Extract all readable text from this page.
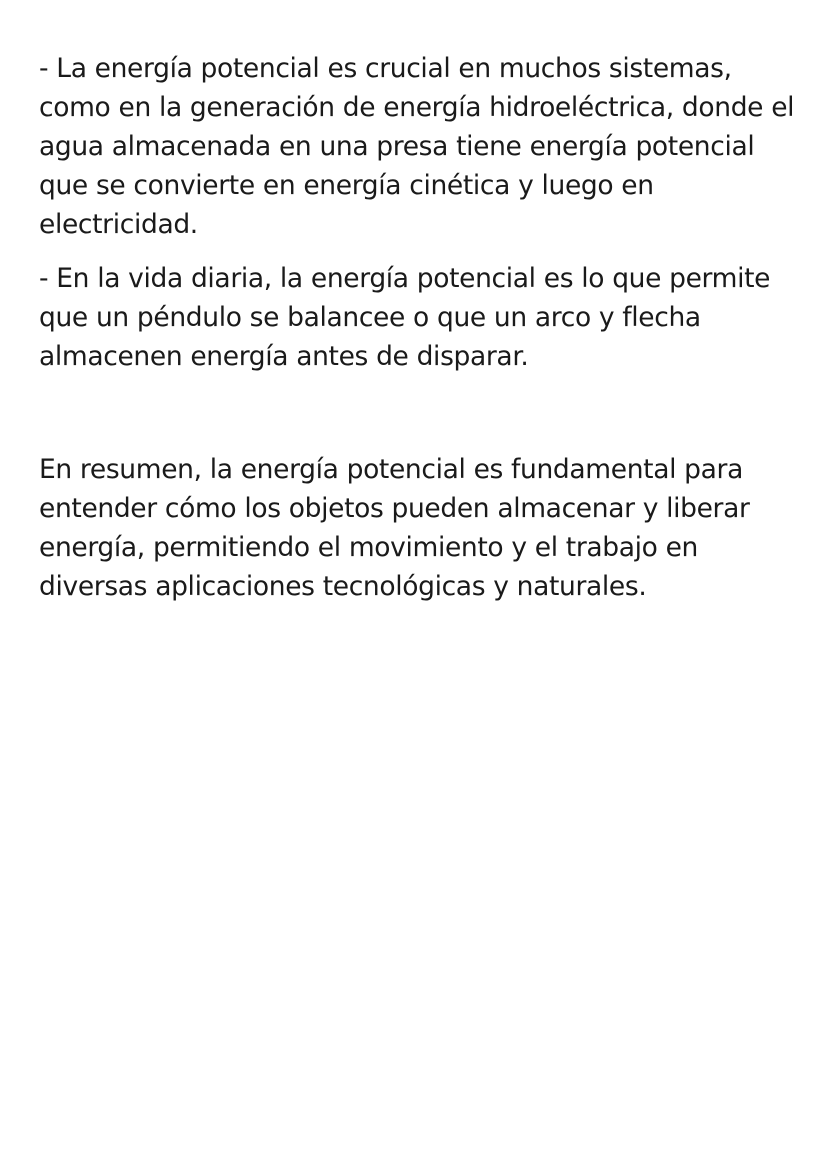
- La energía potencial es crucial en muchos sistemas, como en la generación de energía hidroeléctrica, donde el agua almacenada en una presa tiene energía potencial que se convierte en energía cinética y luego en electricidad.

- En la vida diaria, la energía potencial es lo que permite que un péndulo se balancee o que un arco y flecha almacenen energía antes de disparar.

En resumen, la energía potencial es fundamental para entender cómo los objetos pueden almacenar y liberar energía, permitiendo el movimiento y el trabajo en diversas aplicaciones tecnológicas y naturales.
